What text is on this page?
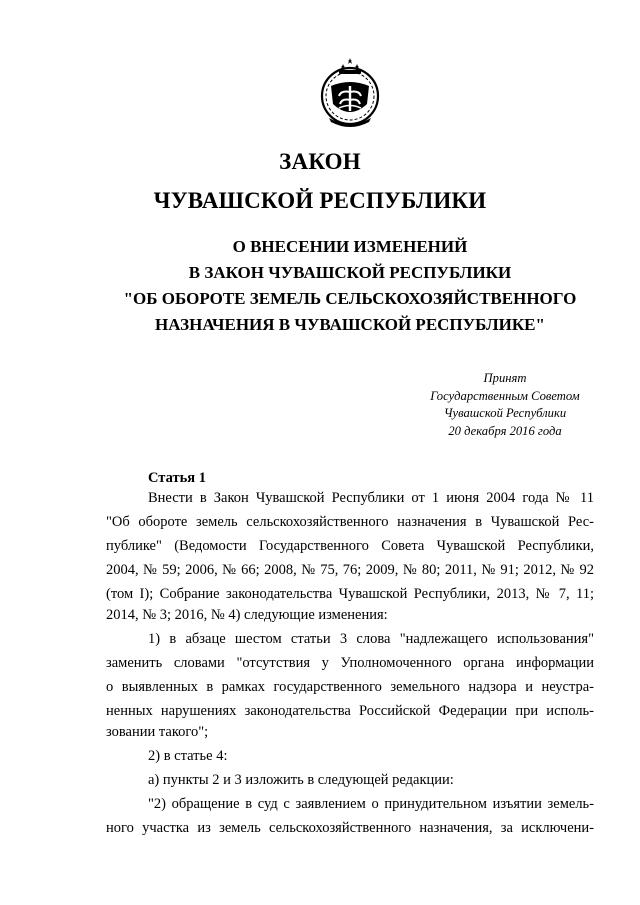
ЗАКОН
ЧУВАШСКОЙ РЕСПУБЛИКИ
О ВНЕСЕНИИ ИЗМЕНЕНИЙ
В ЗАКОН ЧУВАШСКОЙ РЕСПУБЛИКИ
"ОБ ОБОРОТЕ ЗЕМЕЛЬ СЕЛЬСКОХОЗЯЙСТВЕННОГО
НАЗНАЧЕНИЯ В ЧУВАШСКОЙ РЕСПУБЛИКЕ"
Принят
Государственным Советом
Чувашской Республики
20 декабря 2016 года
Статья 1
Внести в Закон Чувашской Республики от 1 июня 2004 года № 11
"Об обороте земель сельскохозяйственного назначения в Чувашской Рес-
публике" (Ведомости Государственного Совета Чувашской Республики,
2004, № 59; 2006, № 66; 2008, № 75, 76; 2009, № 80; 2011, № 91; 2012, № 92
(том I); Собрание законодательства Чувашской Республики, 2013, № 7, 11;
2014, № 3; 2016, № 4) следующие изменения:
1) в абзаце шестом статьи 3 слова "надлежащего использования"
заменить словами "отсутствия у Уполномоченного органа информации
о выявленных в рамках государственного земельного надзора и неустра-
ненных нарушениях законодательства Российской Федерации при исполь-
зовании такого";
2) в статье 4:
а) пункты 2 и 3 изложить в следующей редакции:
"2) обращение в суд с заявлением о принудительном изъятии земель-
ного участка из земель сельскохозяйственного назначения, за исключени-
